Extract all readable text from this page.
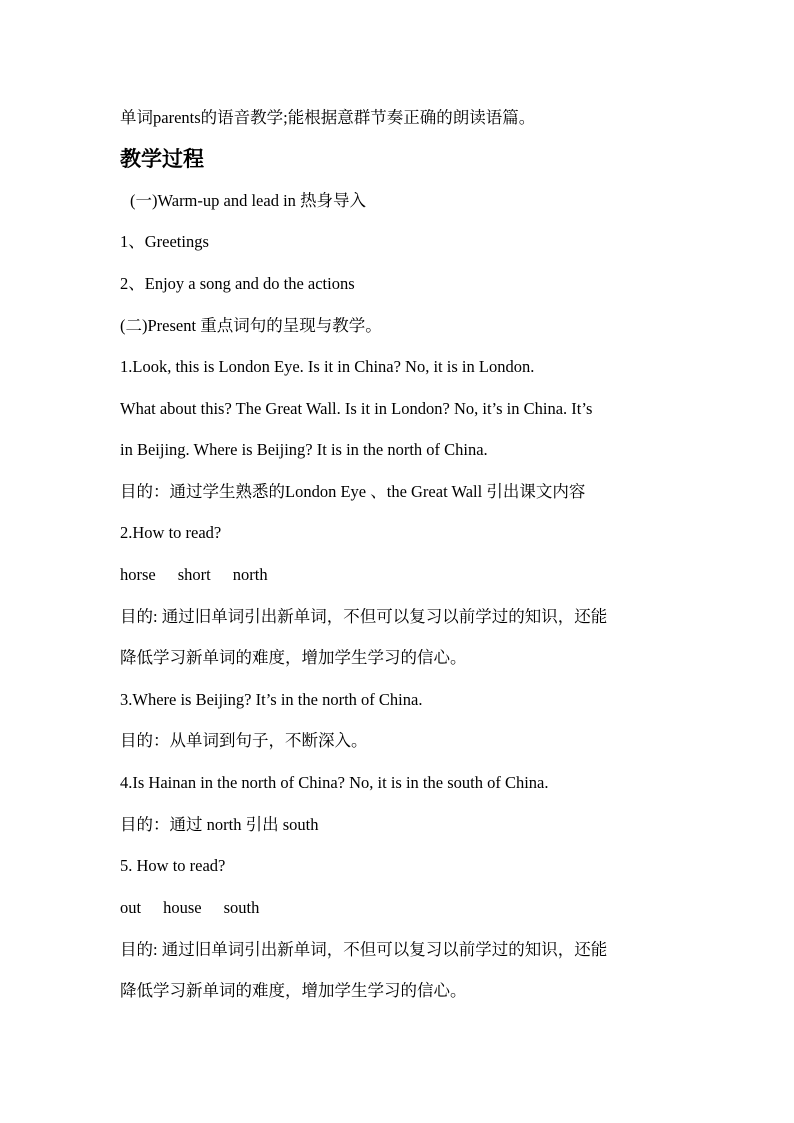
单词parents的语音教学;能根据意群节奏正确的朗读语篇。
教学过程
(一)Warm-up and lead in 热身导入
1、Greetings
2、Enjoy a song and do the actions
(二)Present 重点词句的呈现与教学。
1.Look, this is London Eye. Is it in China? No, it is in London.
What about this? The Great Wall. Is it in London? No, it’s in China. It’s
in Beijing. Where is Beijing? It is in the north of China.
目的：通过学生熟悉的London Eye 、the Great Wall 引出课文内容
2.How to read?
horse short north
目的: 通过旧单词引出新单词，不但可以复习以前学过的知识，还能
降低学习新单词的难度，增加学生学习的信心。
3.Where is Beijing? It’s in the north of China.
目的：从单词到句子，不断深入。
4.Is Hainan in the north of China? No, it is in the south of China.
目的：通过 north 引出 south
5. How to read?
out house south
目的: 通过旧单词引出新单词，不但可以复习以前学过的知识，还能
降低学习新单词的难度，增加学生学习的信心。
